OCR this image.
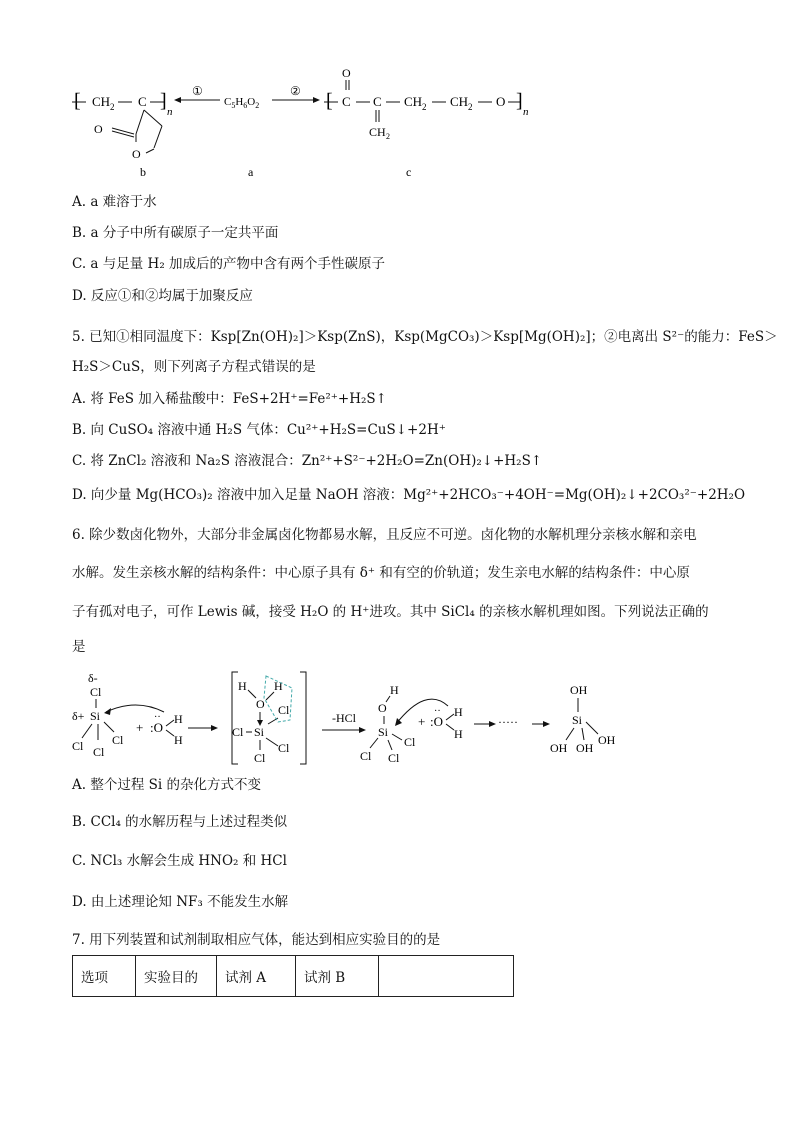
[ CH 2 C ] n
O
O
b
①
$C_5H_6O_2$
a
② [ C
O
C
CH 2
CH 2 CH 2 O ] n
c
A. a 难溶于水
B. a 分子中所有碳原子一定共平面
C. a 与足量 H₂ 加成后的产物中含有两个手性碳原子
D. 反应①和②均属于加聚反应
5. 已知①相同温度下：Ksp[Zn(OH)₂]＞Ksp(ZnS)，Ksp(MgCO₃)＞Ksp[Mg(OH)₂]；②电离出 S²⁻的能力：FeS＞
H₂S＞CuS，则下列离子方程式错误的是
A. 将 FeS 加入稀盐酸中：FeS+2H⁺=Fe²⁺+H₂S↑
B. 向 CuSO₄ 溶液中通 H₂S 气体：Cu²⁺+H₂S=CuS↓+2H⁺
C. 将 ZnCl₂ 溶液和 Na₂S 溶液混合：Zn²⁺+S²⁻+2H₂O=Zn(OH)₂↓+H₂S↑
D. 向少量 Mg(HCO₃)₂ 溶液中加入足量 NaOH 溶液：Mg²⁺+2HCO₃⁻+4OH⁻=Mg(OH)₂↓+2CO₃²⁻+2H₂O
6. 除少数卤化物外，大部分非金属卤化物都易水解，且反应不可逆。卤化物的水解机理分亲核水解和亲电
水解。发生亲核水解的结构条件：中心原子具有 δ⁺ 和有空的价轨道；发生亲电水解的结构条件：中心原
子有孤对电子，可作 Lewis 碱，接受 H₂O 的 H⁺进攻。其中 SiCl₄ 的亲核水解机理如图。下列说法正确的
是
δ-
Cl
δ+ Si
Cl Cl
Cl
+ :O
·· H
H
H
O
H
Cl
Cl Si
Cl
Cl
-HCl
H
O
Si
Cl
Cl Cl
+ :O
·· H
H
·····
OH
Si
OH OH
OH
A. 整个过程 Si 的杂化方式不变
B. CCl₄ 的水解历程与上述过程类似
C. NCl₃ 水解会生成 HNO₂ 和 HCl
D. 由上述理论知 NF₃ 不能发生水解
7. 用下列装置和试剂制取相应气体，能达到相应实验目的的是
选项	实验目的	试剂 A	试剂 B	
